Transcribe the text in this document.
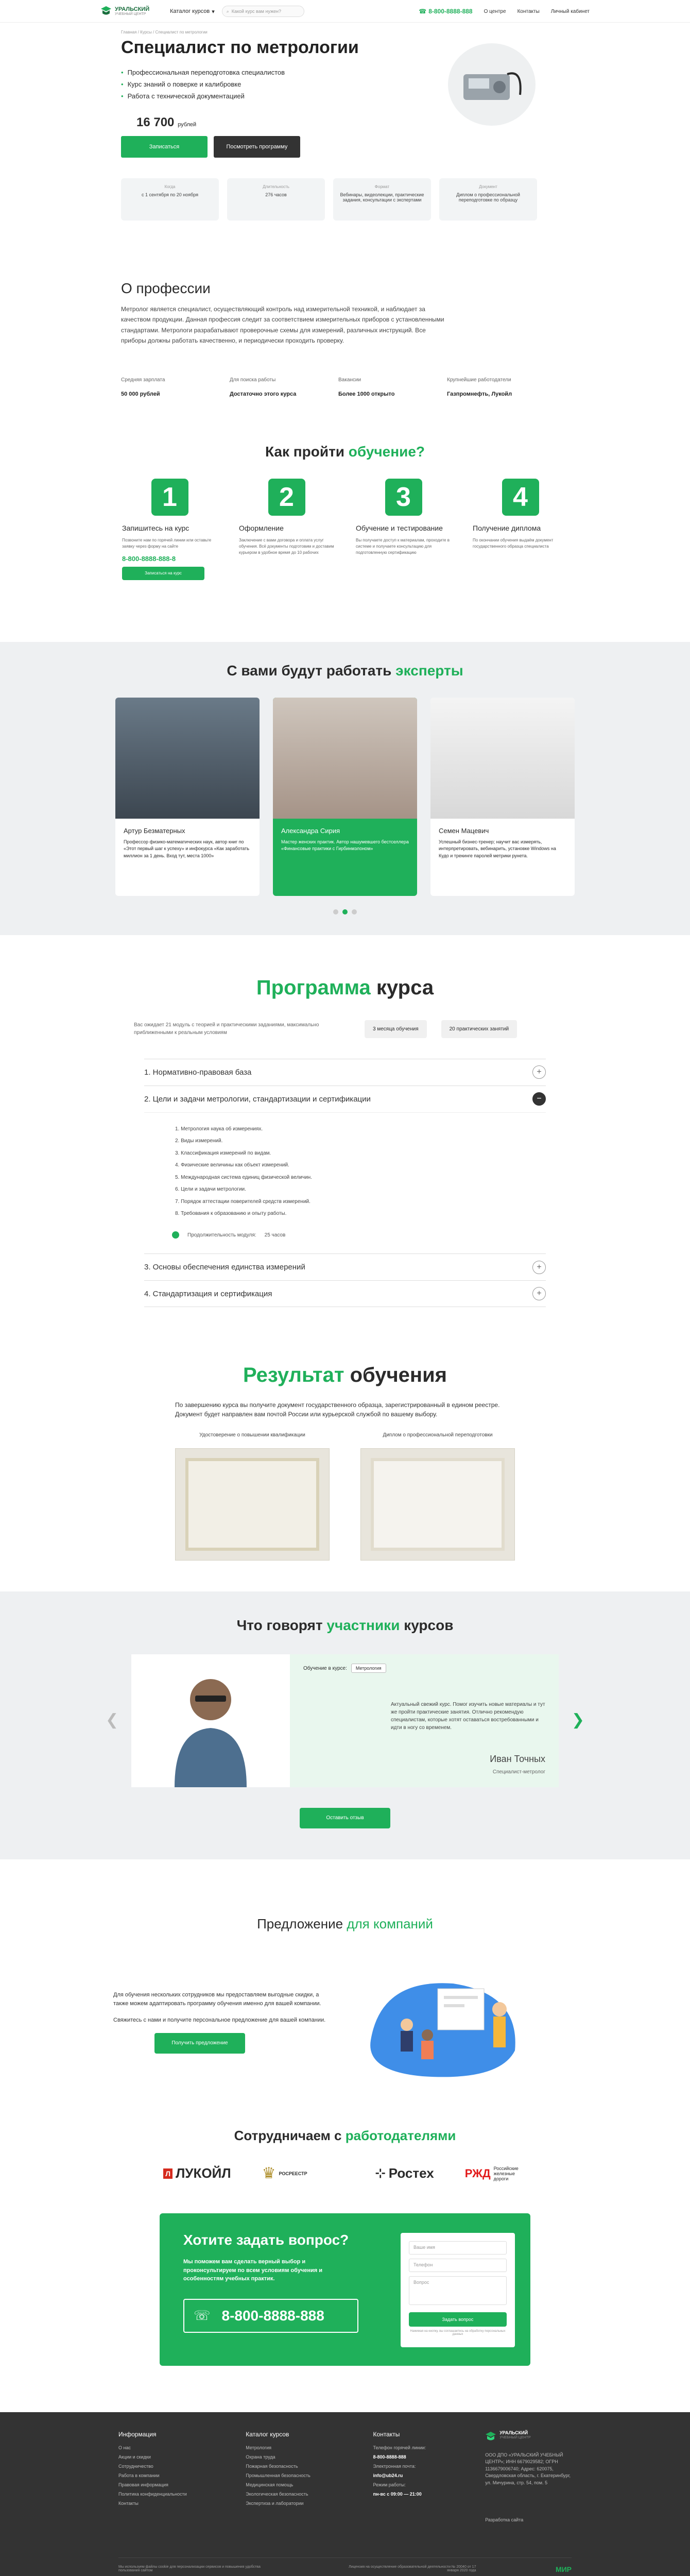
УРАЛЬСКИЙ
УЧЕБНЫЙ ЦЕНТР	Каталог курсов ▾	⌕ Какой курс вам нужен?	☎ 8-800-8888-888 О центре Контакты Личный кабинет
Главная / Курсы / Специалист по метрологии
Специалист по метрологии
• Профессиональная переподготовка специалистов
• Курс знаний о поверке и калибровке
• Работа с технической документацией
16 700 рублей
Записаться	Посмотреть программу
Когда
с 1 сентября по 20 ноября
Длительность
276 часов
Формат
Вебинары, видеолекции, практические задания, консультации с экспертами
Документ
Диплом о профессиональной переподготовке по образцу
О профессии

Метролог является специалист, осуществляющий контроль над измерительной техникой, и наблюдает за качеством продукции. Данная профессия следит за соответствием измерительных приборов с установленными стандартами. Метрологи разрабатывают проверочные схемы для измерений, различных инструкций. Все приборы должны работать качественно, и периодически проходить проверку.

Средняя зарплата
50 000 рублей
Для поиска работы
Достаточно этого курса
Вакансии
Более 1000 открыто
Крупнейшие работодатели
Газпромнефть, Лукойл
Как пройти обучение?
1
Запишитесь на курс

Позвоните нам по горячей линии или оставьте заявку через форму на сайте

8-800-8888-888-8
Записаться на курс
2
Оформление

Заключение с вами договора и оплата услуг обучения. Всё документы подготовим и доставим курьером в удобное время до 10 рабочих

3
Обучение и тестирование

Вы получаете доступ к материалам, проходите в системе и получаете консультацию для подготовленную сертификацию

4
Получение диплома

По окончании обучения выдаём документ государственного образца специалиста

С вами будут работать эксперты
Артур Безматерных

Профессор физико-математических наук, автор книг по «Этот первый шаг к успеху» и инфокурса «Как заработать миллион за 1 день. Вход тут, места 1000»

Александра Сирия

Мастер женских практик. Автор нашумевшего бестселлера «Финансовые практики с Гирбинмэлоном»

Семен Мацевич

Успешный бизнес-тренер; научит вас измерять, интерпретировать, вебинарить, установке Windows на Кудо и трекинге паролей метрики рунета.

Программа курса

Вас ожидает 21 модуль с теорией и практическими заданиями, максимально приближенными к реальным условиям

3 месяца обучения	20 практических занятий
1. Нормативно-правовая база	+
2. Цели и задачи метрологии, стандартизации и сертификации	−
1. Метрология наука об измерениях.
2. Виды измерений.
3. Классификация измерений по видам.
4. Физические величины как объект измерений.
5. Международная система единиц физической величин.
6. Цели и задачи метрологии.
7. Порядок аттестации поверителей средств измерений.
8. Требования к образованию и опыту работы.
Продолжительность модуля: 25 часов
3. Основы обеспечения единства измерений	+
4. Стандартизация и сертификация	+
Результат обучения

По завершению курса вы получите документ государственного образца, зарегистрированный в едином реестре. Документ будет направлен вам почтой России или курьерской службой по вашему выбору.

Удостоверение о повышении квалификации	Диплом о профессиональной переподготовки
Что говорят участники курсов
❮
Обучение в курсе: Метрология
Актуальный свежий курс. Помог изучить новые материалы и тут же пройти практические занятия. Отлично рекомендую специалистам, которые хотят оставаться востребованными и идти в ногу со временем.
Иван Точных
Специалист-метролог
❯
Оставить отзыв
Предложение для компаний

Для обучения нескольких сотрудников мы предоставляем выгодные скидки, а также можем адаптировать программу обучения именно для вашей компании.

Свяжитесь с нами и получите персональное предложение для вашей компании.

Получить предложение
Сотрудничаем с работодателями
Л ЛУКОЙЛ ♛ РОСРЕЕСТР	⊹ Ростех	РЖД Российские железные дороги
Хотите задать вопрос?

Мы поможем вам сделать верный выбор и проконсультируем по всем условиям обучения и особенностям учебных практик.

☏ 8-800-8888-888
Ваше имя
Телефон
Вопрос
Задать вопрос
Нажимая на кнопку, вы соглашаетесь на обработку персональных данных
Информация
О нас
Акции и скидки
Сотрудничество
Работа в компании
Правовая информация
Политика конфиденциальности
Контакты
Каталог курсов
Метрология
Охрана труда
Пожарная безопасность
Промышленная безопасность
Медицинская помощь
Экологическая безопасность
Экспертиза и лаборатории
Контакты
Телефон горячей линии:
8-800-8888-888
Электронная почта:
info@ub24.ru
Режим работы:
пн-вс с 09:00 — 21:00
УРАЛЬСКИЙ
УЧЕБНЫЙ ЦЕНТР
ООО ДПО «УРАЛЬСКИЙ УЧЕБНЫЙ ЦЕНТР»; ИНН 6679029582; ОГРН 1136679006740; Адрес: 620075, Свердловская область, г. Екатеринбург, ул. Мичурина, стр. 54, пом. 5
Разработка сайта
Мы используем файлы cookie для персонализации сервисов и повышения удобства пользования сайтом
Лицензия на осуществление образовательной деятельности № 20040 от 17 января 2020 года	МИР
